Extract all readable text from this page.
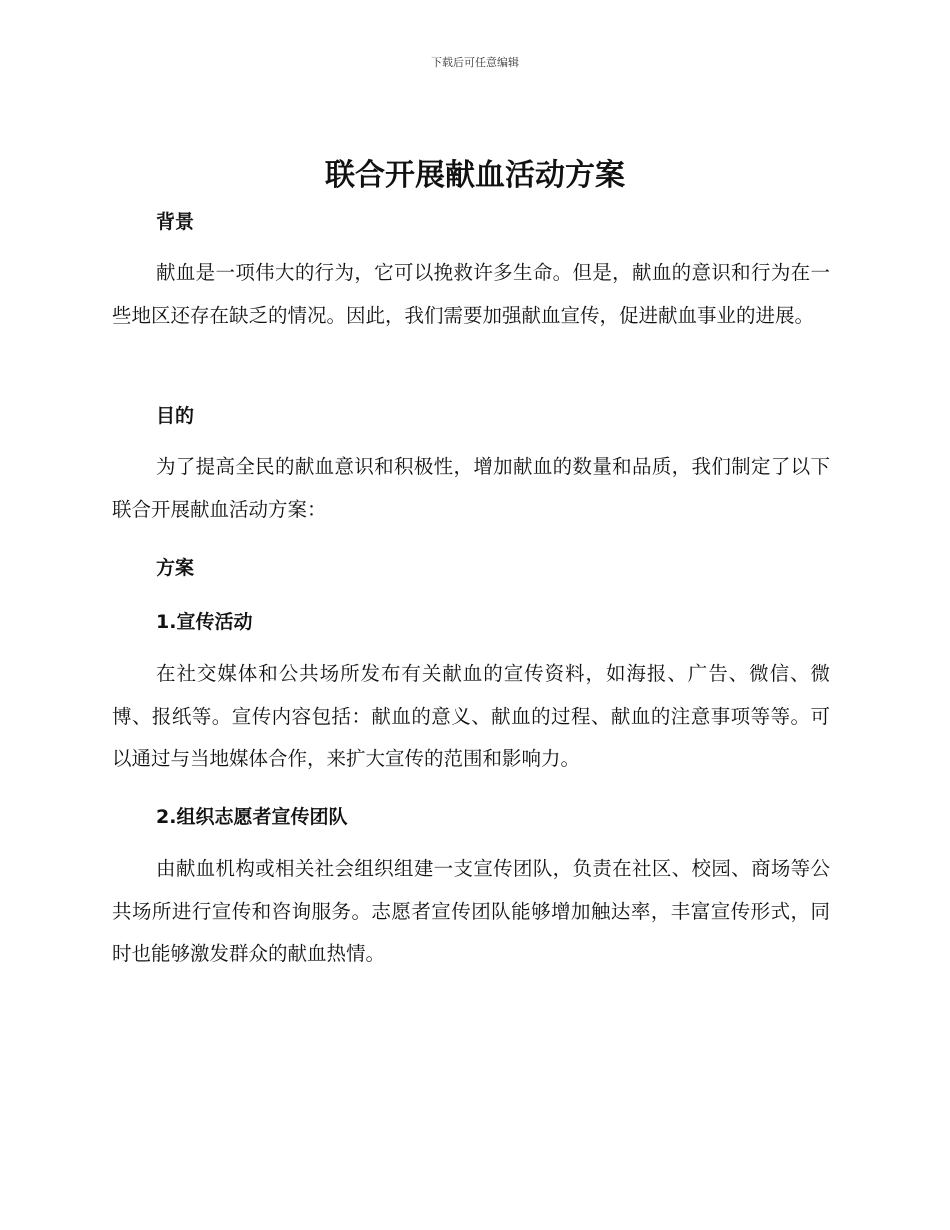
下载后可任意编辑
联合开展献血活动方案
背景

献血是一项伟大的行为，它可以挽救许多生命。但是，献血的意识和行为在一些地区还存在缺乏的情况。因此，我们需要加强献血宣传，促进献血事业的进展。

目的

为了提高全民的献血意识和积极性，增加献血的数量和品质，我们制定了以下联合开展献血活动方案：

方案
1.宣传活动

在社交媒体和公共场所发布有关献血的宣传资料，如海报、广告、微信、微博、报纸等。宣传内容包括：献血的意义、献血的过程、献血的注意事项等等。可以通过与当地媒体合作，来扩大宣传的范围和影响力。

2.组织志愿者宣传团队

由献血机构或相关社会组织组建一支宣传团队，负责在社区、校园、商场等公共场所进行宣传和咨询服务。志愿者宣传团队能够增加触达率，丰富宣传形式，同时也能够激发群众的献血热情。
